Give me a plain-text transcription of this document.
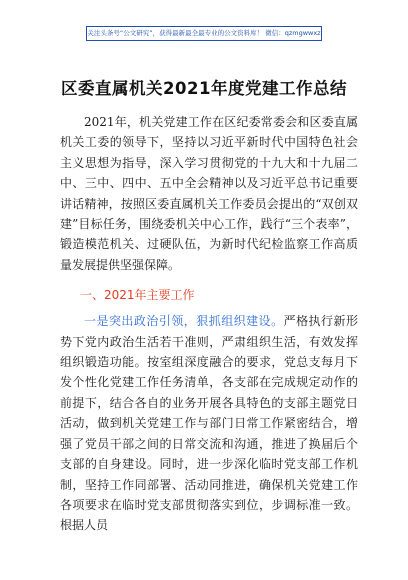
关注头条号“公文研究”，获得最新最全最专业的公文资料库！ 微信：qzmgwwxz
区委直属机关2021年度党建工作总结

2021年，机关党建工作在区纪委常委会和区委直属机关工委的领导下，坚持以习近平新时代中国特色社会主义思想为指导，深入学习贯彻党的十九大和十九届二中、三中、四中、五中全会精神以及习近平总书记重要讲话精神，按照区委直属机关工作委员会提出的“双创双建”目标任务，围绕委机关中心工作，践行“三个表率”，锻造模范机关、过硬队伍，为新时代纪检监察工作高质量发展提供坚强保障。

一、2021年主要工作

一是突出政治引领，狠抓组织建设。严格执行新形势下党内政治生活若干准则，严肃组织生活，有效发挥组织锻造功能。按室组深度融合的要求，党总支每月下发个性化党建工作任务清单，各支部在完成规定动作的前提下，结合各自的业务开展各具特色的支部主题党日活动，做到机关党建工作与部门日常工作紧密结合，增强了党员干部之间的日常交流和沟通，推进了换届后个支部的自身建设。同时，进一步深化临时党支部工作机制，坚持工作同部署、活动同推进，确保机关党建工作各项要求在临时党支部贯彻落实到位，步调标准一致。根据人员
